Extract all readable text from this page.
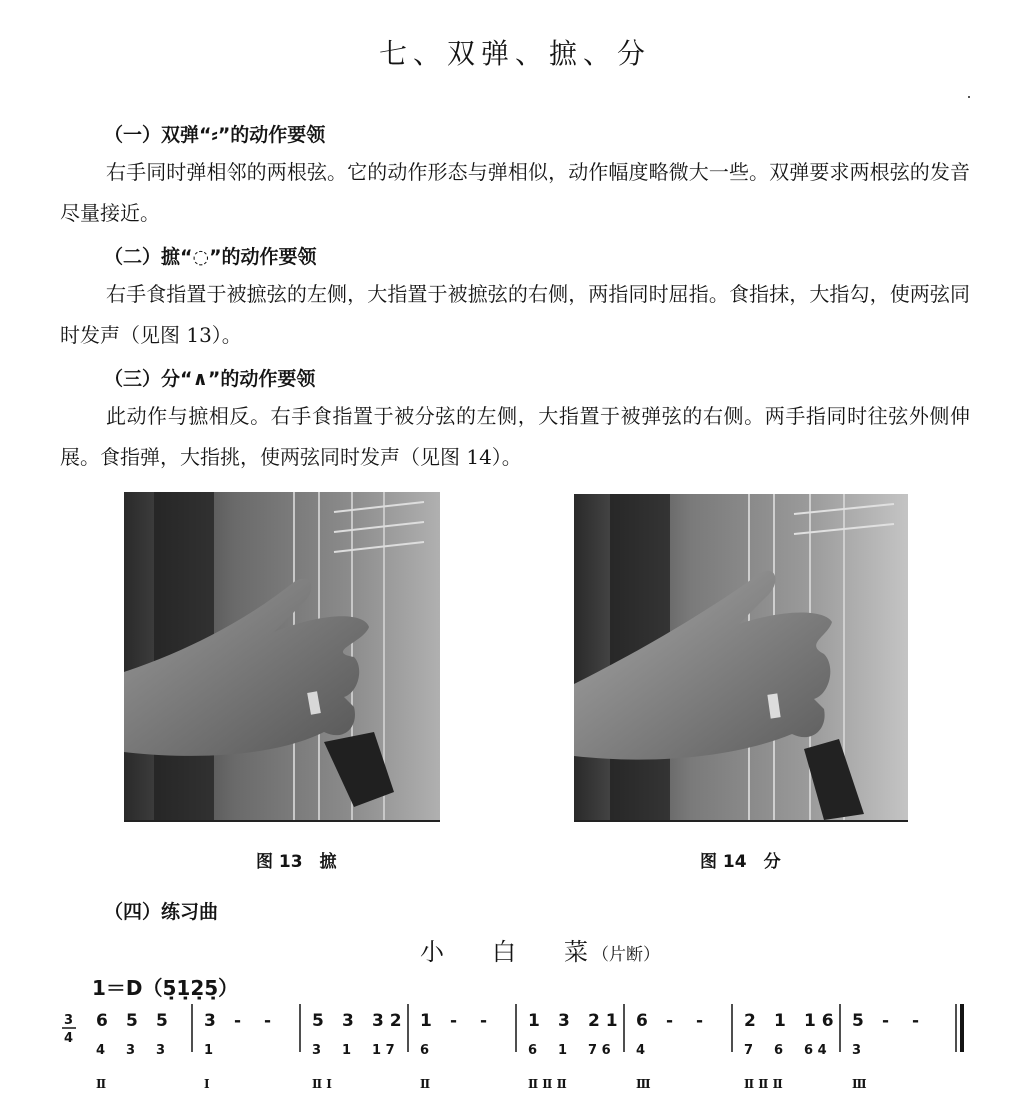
七、双弹、摭、分
（一）双弹“⸗”的动作要领

右手同时弹相邻的两根弦。它的动作形态与弹相似，动作幅度略微大一些。双弹要求两根弦的发音尽量接近。

（二）摭“◌”的动作要领

右手食指置于被摭弦的左侧，大指置于被摭弦的右侧，两指同时屈指。食指抹，大指勾，使两弦同时发声（见图 13）。

（三）分“∧”的动作要领

此动作与摭相反。右手食指置于被分弦的左侧，大指置于被弹弦的右侧。两手指同时往弦外侧伸展。食指弹，大指挑，使两弦同时发声（见图 14）。

图 13　摭	图 14　分
（四）练习曲
小 白 菜 （片断）
1＝D（5̣1̣2̣5̣）
3
4
6 5 5
4 3 3
Ⅱ
3 - -
1
Ⅰ
5 3 3 2
3 1 1 7
Ⅱ Ⅰ
1 - -
6
Ⅱ
1 3 2 1
6 1 7 6
Ⅱ Ⅱ Ⅱ
6 - -
4
Ⅲ
2 1 1 6
7 6 6 4
Ⅱ Ⅱ Ⅱ
5 - -
3
Ⅲ
